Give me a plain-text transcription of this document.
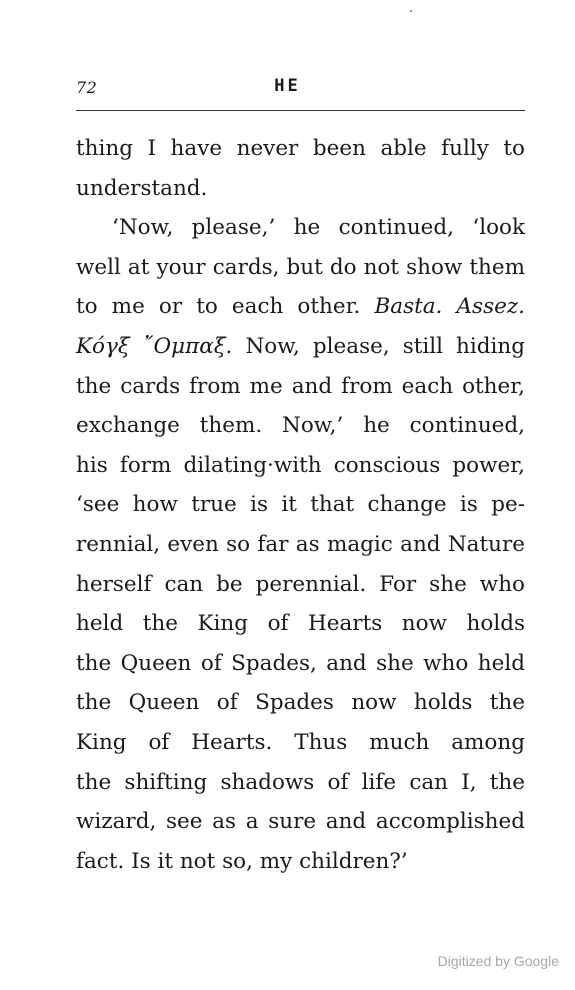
72	HE
thing I have never been able fully to
understand.
‘Now, please,’ he continued, ‘look
well at your cards, but do not show them
to me or to each other. Basta. Assez.
Κόγξ ῎Ομπαξ. Now, please, still hiding
the cards from me and from each other,
exchange them. Now,’ he continued,
his form dilating·with conscious power,
‘see how true is it that change is pe-
rennial, even so far as magic and Nature
herself can be perennial. For she who
held the King of Hearts now holds
the Queen of Spades, and she who held
the Queen of Spades now holds the
King of Hearts. Thus much among
the shifting shadows of life can I, the
wizard, see as a sure and accomplished
fact. Is it not so, my children?’
Digitized by Google
